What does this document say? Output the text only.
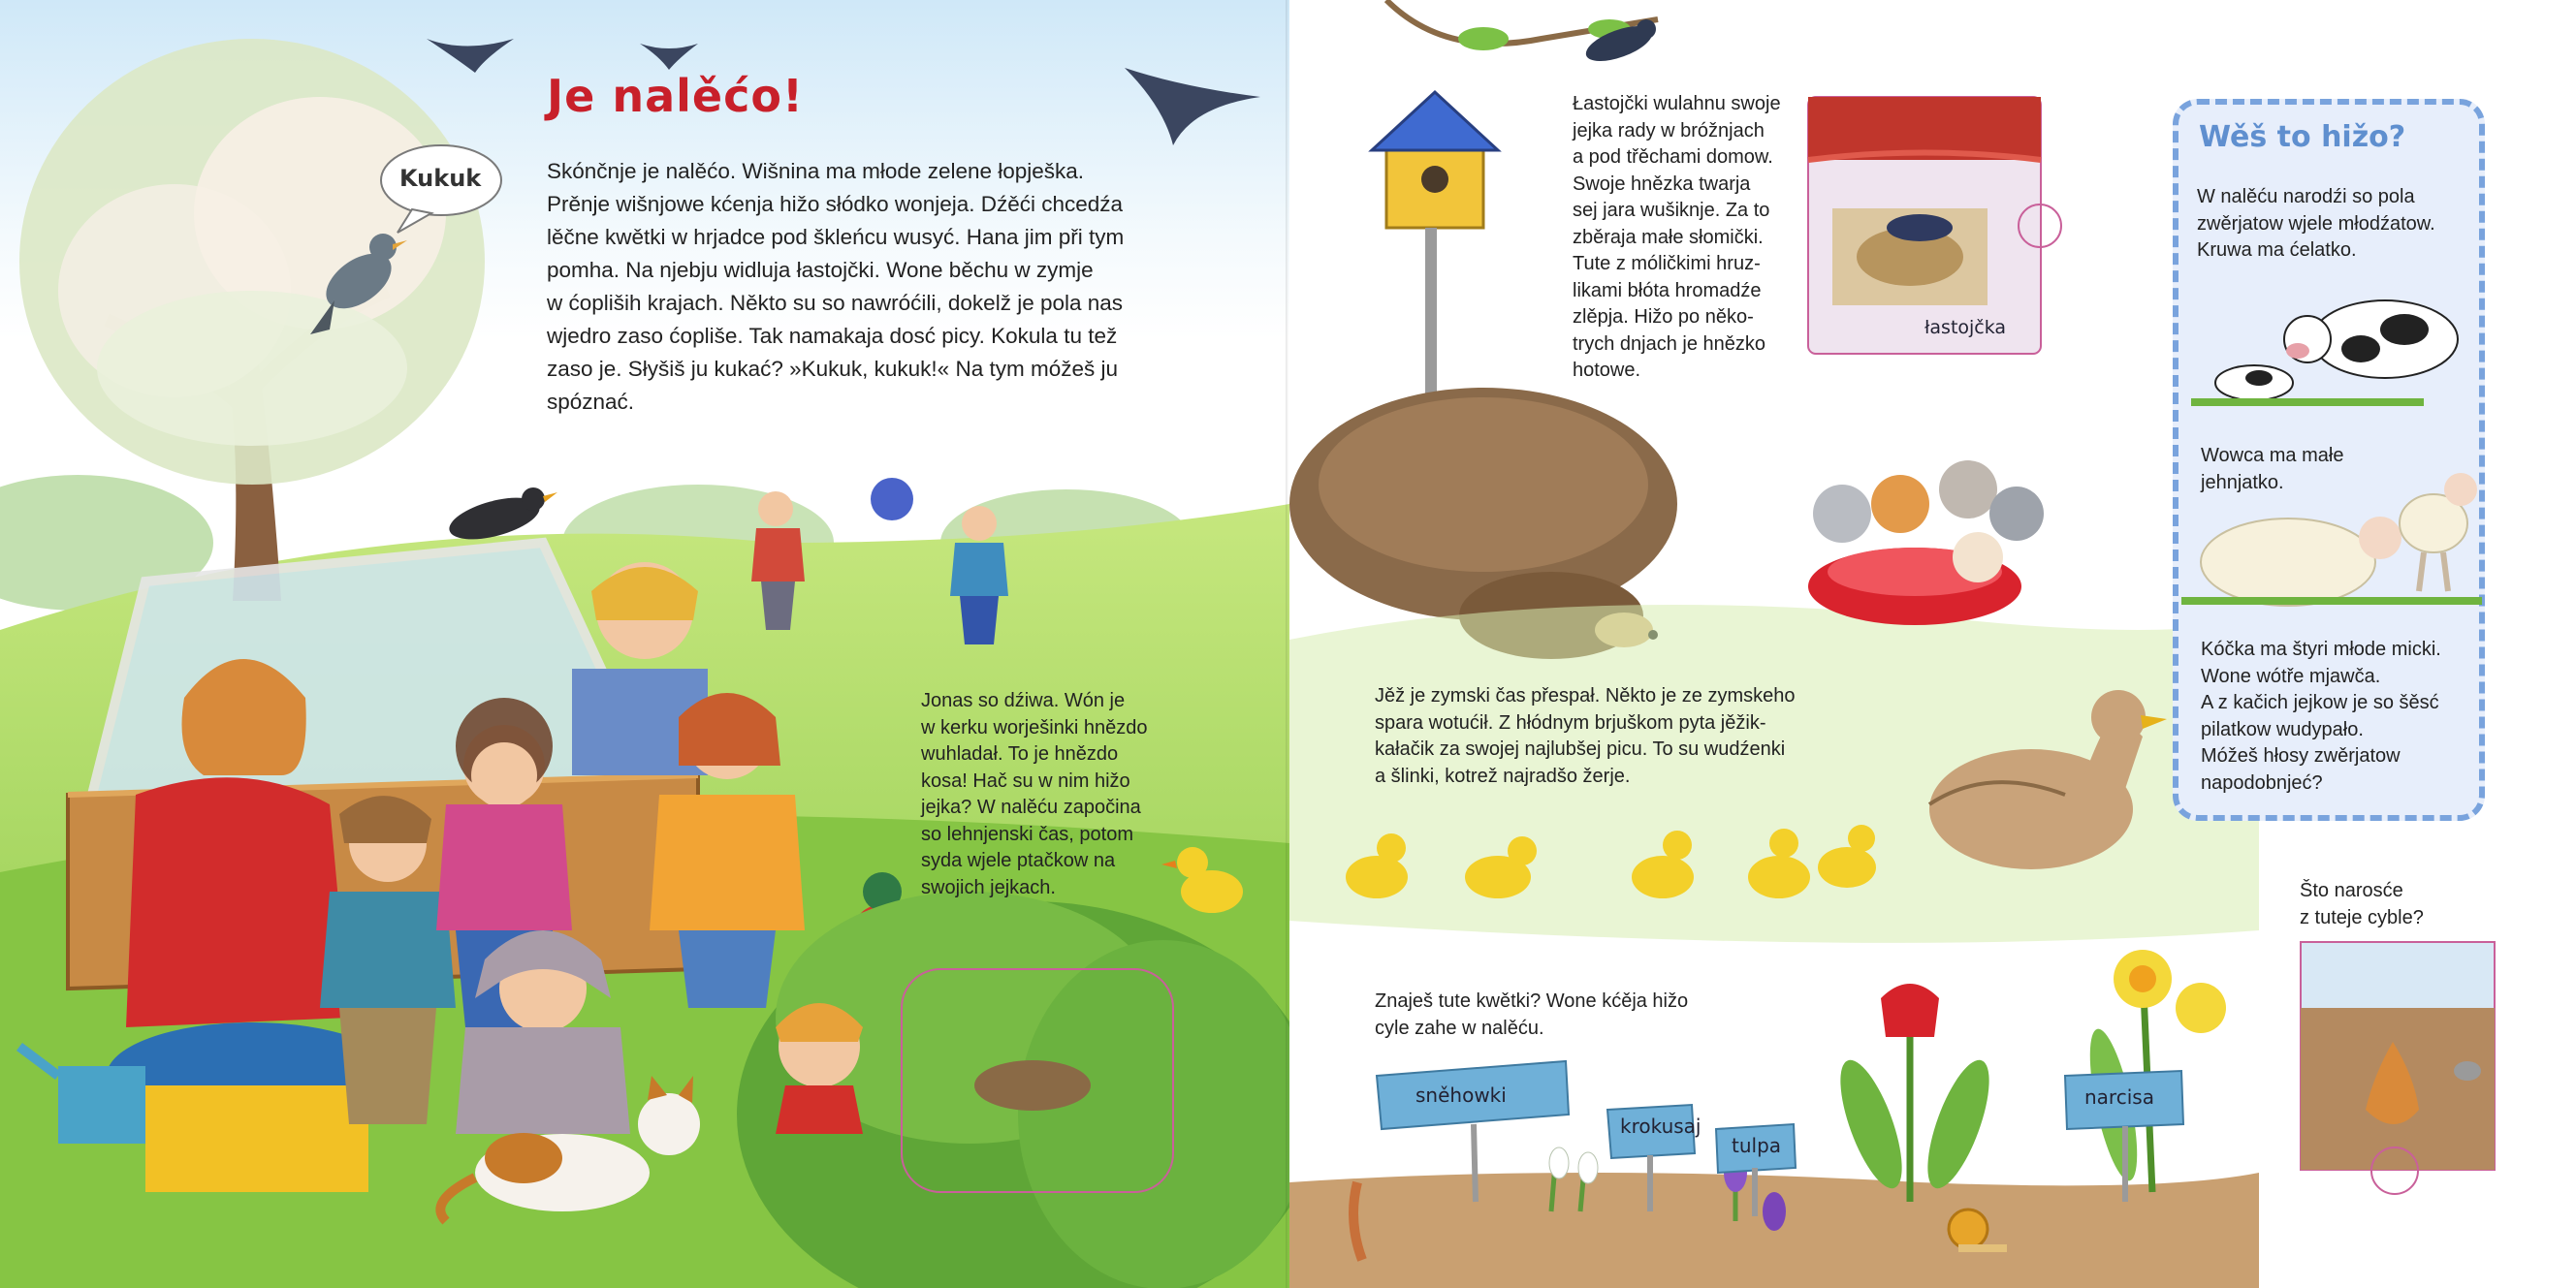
Je nalěćo!
Skónčnje je nalěćo. Wišnina ma młode zelene łopješka.
Prěnje wišnjowe kćenja hižo słódko wonjeja. Dźěći chcedźa
lěčne kwětki w hrjadce pod škleńcu wusyć. Hana jim při tym
pomha. Na njebju widluja łastojčki. Wone běchu w zymje
w ćopliših krajach. Někto su so nawróćili, dokelž je pola nas
wjedro zaso ćopliše. Tak namakaja dosć picy. Kokula tu tež
zaso je. Słyšiš ju kukać? »Kukuk, kukuk!« Na tym móžeš ju
spóznać.
Kukuk
Jonas so dźiwa. Wón je
w kerku worješinki hnězdo
wuhladał. To je hnězdo
kosa! Hač su w nim hižo
jejka? W nalěću započina
so lehnjenski čas, potom
syda wjele ptačkow na
swojich jejkach.
Łastojčki wulahnu swoje
jejka rady w bróžnjach
a pod třěchami domow.
Swoje hnězka twarja
sej jara wušiknje. Za to
zběraja małe słomički.
Tute z móličkimi hruz-
likami błóta hromadźe
zlěpja. Hižo po něko-
trych dnjach je hnězko
hotowe.
łastojčka
Jěž je zymski čas přespał. Někto je ze zymskeho
spara wotućił. Z hłódnym brjuškom pyta jěžik-
kałačik za swojej najlubšej picu. To su wudźenki
a šlinki, kotrež najradšo žerje.
Znaješ tute kwětki? Wone kćěja hižo
cyle zahe w nalěću.
sněhowki
krokusaj
tulpa
narcisa
Što narosće
z tuteje cyble?
Wěš to hižo?
W nalěću narodźi so pola
zwěrjatow wjele młodźatow.
Kruwa ma ćelatko.
Wowca ma małe
jehnjatko.
Kóčka ma štyri młode micki.
Wone wótře mjawča.
A z kačich jejkow je so šěsć
pilatkow wudypało.
Móžeš hłosy zwěrjatow
napodobnjeć?
